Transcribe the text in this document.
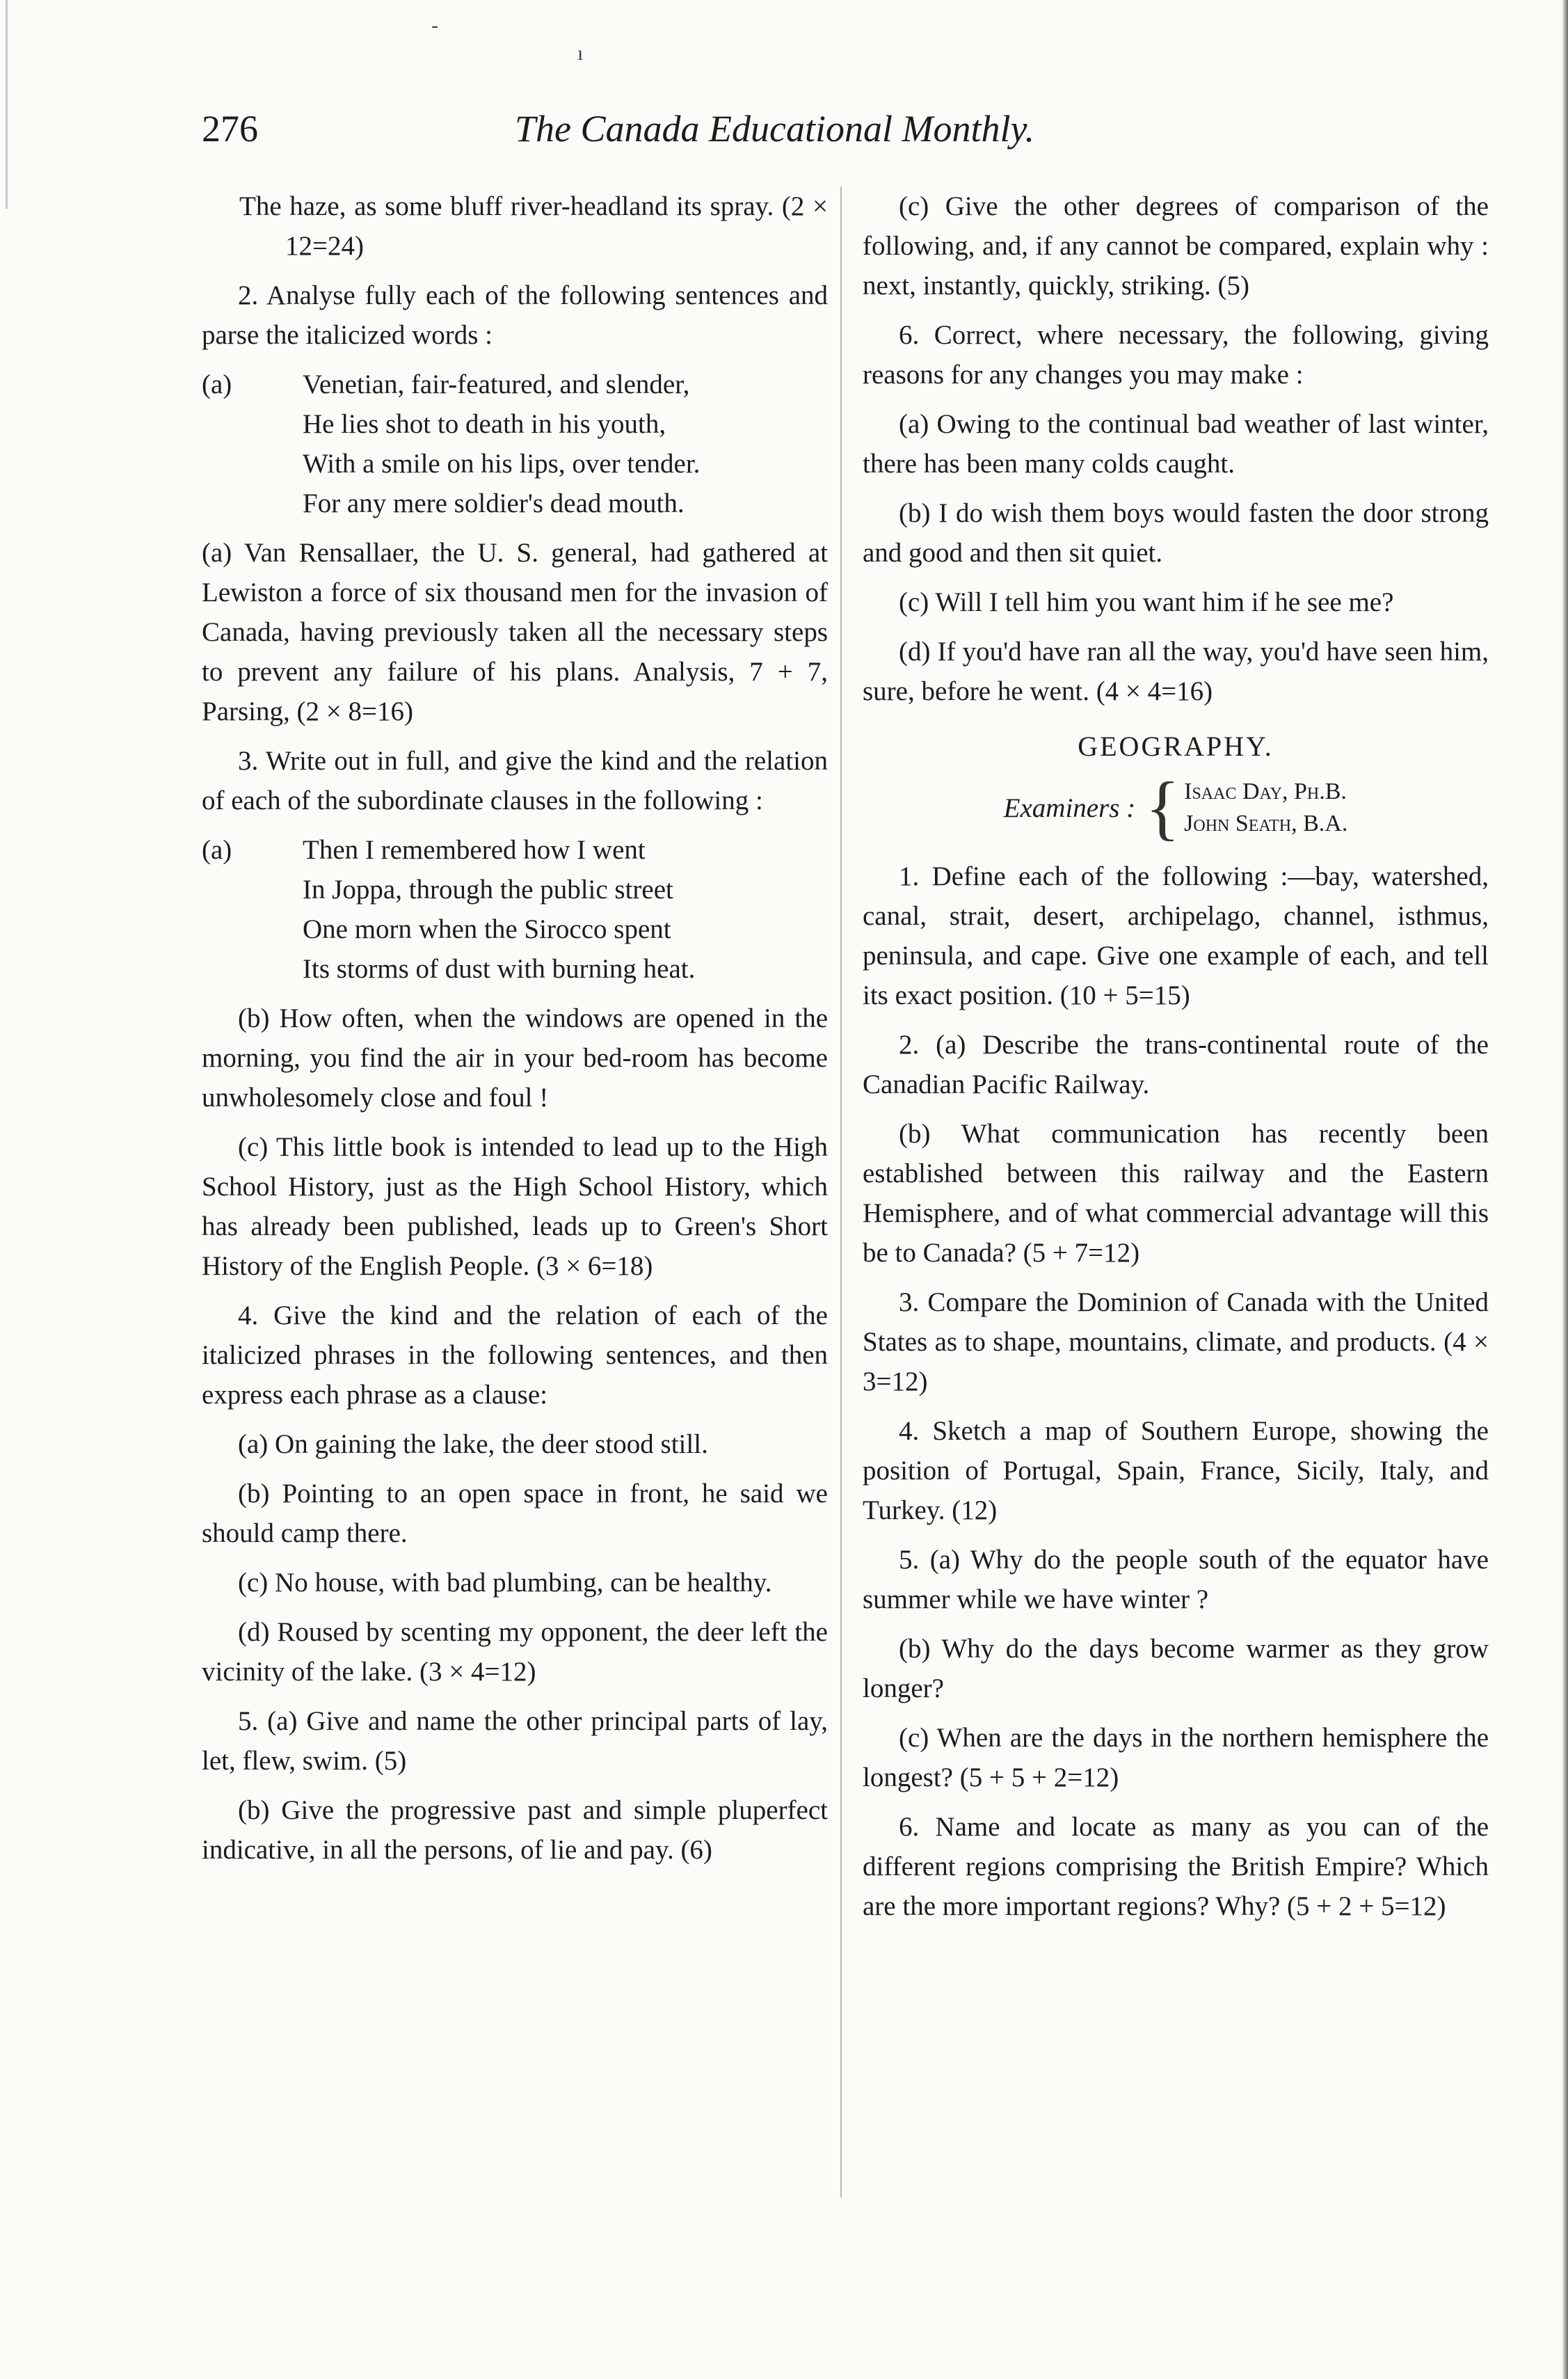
-
ı
276	The Canada Educational Monthly.

The haze, as some bluff river-headland its spray. (2 × 12=24)

2. Analyse fully each of the following sentences and parse the italicized words :

(a)	Venetian, fair-featured, and slender,
He lies shot to death in his youth,
With a smile on his lips, over tender.
For any mere soldier's dead mouth.

(a) Van Rensallaer, the U. S. general, had gathered at Lewiston a force of six thousand men for the invasion of Canada, having previously taken all the necessary steps to prevent any failure of his plans. Analysis, 7 + 7, Parsing, (2 × 8=16)

3. Write out in full, and give the kind and the relation of each of the subordinate clauses in the following :

(a)	Then I remembered how I went
In Joppa, through the public street
One morn when the Sirocco spent
Its storms of dust with burning heat.

(b) How often, when the windows are opened in the morning, you find the air in your bed-room has become unwholesomely close and foul !

(c) This little book is intended to lead up to the High School History, just as the High School History, which has already been published, leads up to Green's Short History of the English People. (3 × 6=18)

4. Give the kind and the relation of each of the italicized phrases in the following sentences, and then express each phrase as a clause:

(a) On gaining the lake, the deer stood still.

(b) Pointing to an open space in front, he said we should camp there.

(c) No house, with bad plumbing, can be healthy.

(d) Roused by scenting my opponent, the deer left the vicinity of the lake. (3 × 4=12)

5. (a) Give and name the other principal parts of lay, let, flew, swim. (5)

(b) Give the progressive past and simple pluperfect indicative, in all the persons, of lie and pay. (6)

(c) Give the other degrees of comparison of the following, and, if any cannot be compared, explain why : next, instantly, quickly, striking. (5)

6. Correct, where necessary, the following, giving reasons for any changes you may make :

(a) Owing to the continual bad weather of last winter, there has been many colds caught.

(b) I do wish them boys would fasten the door strong and good and then sit quiet.

(c) Will I tell him you want him if he see me?

(d) If you'd have ran all the way, you'd have seen him, sure, before he went. (4 × 4=16)

GEOGRAPHY.
Examiners : { Isaac Day, Ph.B.
John Seath, B.A.

1. Define each of the following :—bay, watershed, canal, strait, desert, archipelago, channel, isthmus, peninsula, and cape. Give one example of each, and tell its exact position. (10 + 5=15)

2. (a) Describe the trans-continental route of the Canadian Pacific Railway.

(b) What communication has recently been established between this railway and the Eastern Hemisphere, and of what commercial advantage will this be to Canada? (5 + 7=12)

3. Compare the Dominion of Canada with the United States as to shape, mountains, climate, and products. (4 × 3=12)

4. Sketch a map of Southern Europe, showing the position of Portugal, Spain, France, Sicily, Italy, and Turkey. (12)

5. (a) Why do the people south of the equator have summer while we have winter ?

(b) Why do the days become warmer as they grow longer?

(c) When are the days in the northern hemisphere the longest? (5 + 5 + 2=12)

6. Name and locate as many as you can of the different regions comprising the British Empire? Which are the more important regions? Why? (5 + 2 + 5=12)
